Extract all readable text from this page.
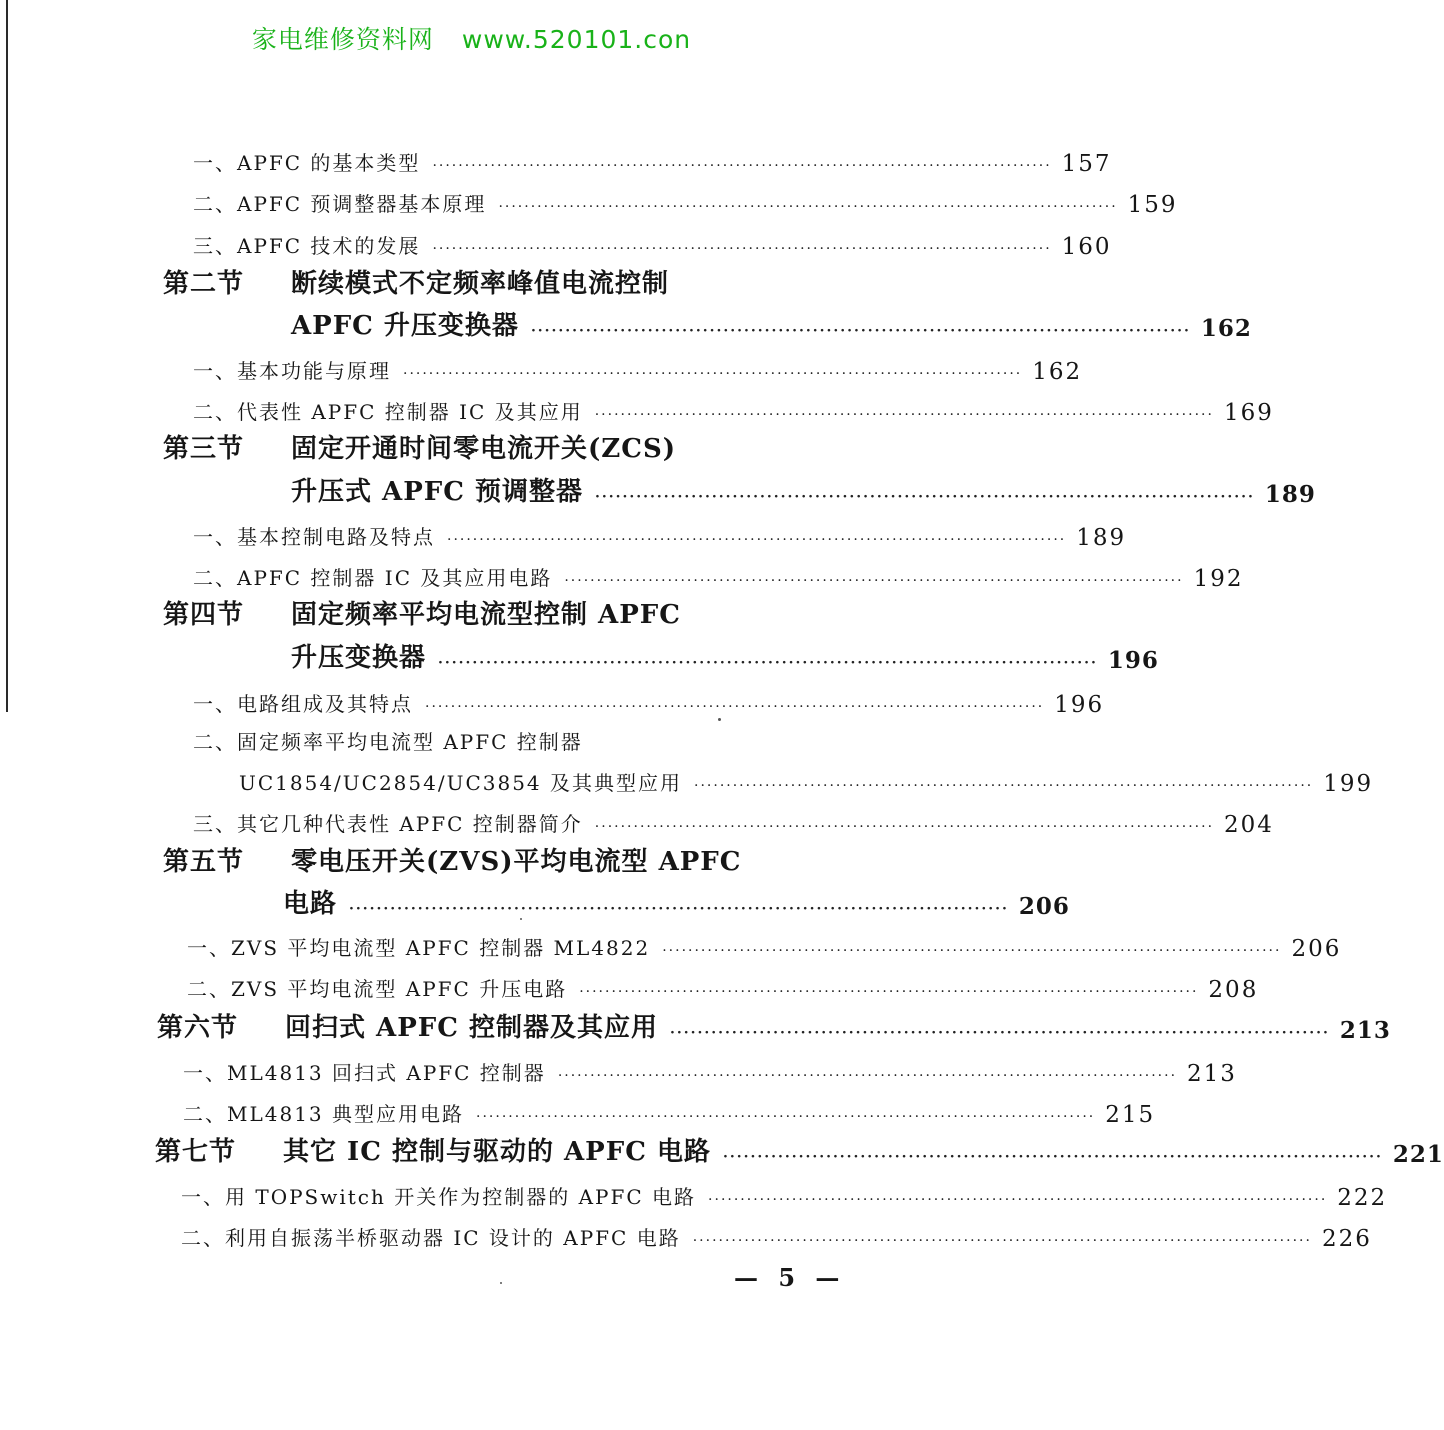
家电维修资料网 www.520101.con
一、APFC 的基本类型 ································································································ 157
二、APFC 预调整器基本原理 ································································································ 159
三、APFC 技术的发展 ································································································ 160
第二节 断续模式不定频率峰值电流控制
APFC 升压变换器 ································································································ 162
一、基本功能与原理 ································································································ 162
二、代表性 APFC 控制器 IC 及其应用 ································································································ 169
第三节 固定开通时间零电流开关(ZCS)
升压式 APFC 预调整器 ································································································ 189
一、基本控制电路及特点 ································································································ 189
二、APFC 控制器 IC 及其应用电路 ································································································ 192
第四节 固定频率平均电流型控制 APFC
升压变换器 ································································································ 196
一、电路组成及其特点 ································································································ 196
二、固定频率平均电流型 APFC 控制器
UC1854/UC2854/UC3854 及其典型应用 ································································································ 199
三、其它几种代表性 APFC 控制器简介 ································································································ 204
第五节 零电压开关(ZVS)平均电流型 APFC
电路 ································································································ 206
一、ZVS 平均电流型 APFC 控制器 ML4822 ································································································ 206
二、ZVS 平均电流型 APFC 升压电路 ································································································ 208
第六节 回扫式 APFC 控制器及其应用 ································································································ 213
一、ML4813 回扫式 APFC 控制器 ································································································ 213
二、ML4813 典型应用电路 ································································································ 215
第七节 其它 IC 控制与驱动的 APFC 电路 ································································································ 221
一、用 TOPSwitch 开关作为控制器的 APFC 电路 ································································································ 222
二、利用自振荡半桥驱动器 IC 设计的 APFC 电路 ································································································ 226
— 5 —
